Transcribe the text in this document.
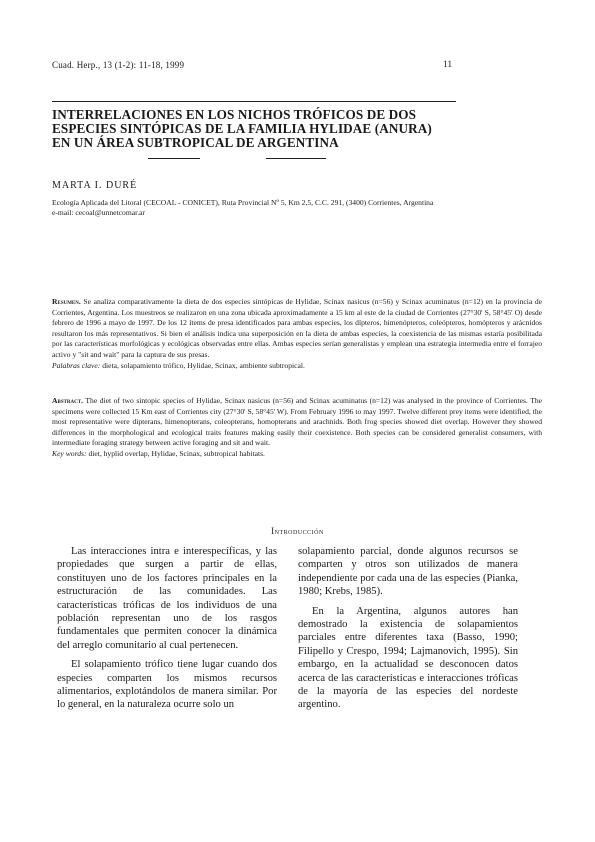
Cuad. Herp., 13 (1-2): 11-18, 1999	11
INTERRELACIONES EN LOS NICHOS TRÓFICOS DE DOS
ESPECIES SINTÓPICAS DE LA FAMILIA HYLIDAE (ANURA)
EN UN ÁREA SUBTROPICAL DE ARGENTINA
MARTA I. DURÉ
Ecología Aplicada del Litoral (CECOAL - CONICET), Ruta Provincial Nº 5, Km 2,5, C.C. 291, (3400) Corrientes, Argentina
e-mail: cecoal@unnetcomar.ar
Resumen. Se analiza comparativamente la dieta de dos especies sintópicas de Hylidae, Scinax nasicus (n=56) y Scinax acuminatus (n=12) en la provincia de Corrientes, Argentina. Los muestreos se realizaron en una zona ubicada aproximadamente a 15 km al este de la ciudad de Corrientes (27°30' S, 58°45' O) desde febrero de 1996 a mayo de 1997. De los 12 ítems de presa identificados para ambas especies, los dípteros, himenópteros, coleópteros, homópteros y arácnidos resultaron los más representativos. Si bien el análisis indica una superposición en la dieta de ambas especies, la coexistencia de las mismas estaría posibilitada por las características morfológicas y ecológicas observadas entre ellas. Ambas especies serían generalistas y emplean una estrategia intermedia entre el forrajeo activo y "sit and wait" para la captura de sus presas.
Palabras clave: dieta, solapamiento trófico, Hylidae, Scinax, ambiente subtropical.
Abstract. The diet of two sintopic species of Hylidae, Scinax nasicus (n=56) and Scinax acuminatus (n=12) was analysed in the province of Corrientes. The specimens were collected 15 Km east of Corrientes city (27°30' S, 58°45' W). From February 1996 to may 1997. Twelve different prey items were identified, the most representative were dipterans, himenopterans, coleopterans, homopterans and arachnids. Both frog species showed diet overlap. However they showed differences in the morphological and ecological traits features making easily their coexistence. Both species can be considered generalist consumers, with intermediate foraging strategy between active foraging and sit and wait.
Key words: diet, hyplid overlap, Hylidae, Scinax, subtropical habitats.
Introducción

Las interacciones intra e interespecíficas, y las propiedades que surgen a partir de ellas, constituyen uno de los factores principales en la estructuración de las comunidades. Las características tróficas de los individuos de una población representan uno de los rasgos fundamentales que permiten conocer la dinámica del arreglo comunitario al cual pertenecen.

El solapamiento trófico tiene lugar cuando dos especies comparten los mismos recursos alimentarios, explotándolos de manera similar. Por lo general, en la naturaleza ocurre solo un

solapamiento parcial, donde algunos recursos se comparten y otros son utilizados de manera independiente por cada una de las especies (Pianka, 1980; Krebs, 1985).

En la Argentina, algunos autores han demostrado la existencia de solapamientos parciales entre diferentes taxa (Basso, 1990; Filipello y Crespo, 1994; Lajmanovich, 1995). Sin embargo, en la actualidad se desconocen datos acerca de las características e interacciones tróficas de la mayoría de las especies del nordeste argentino.
